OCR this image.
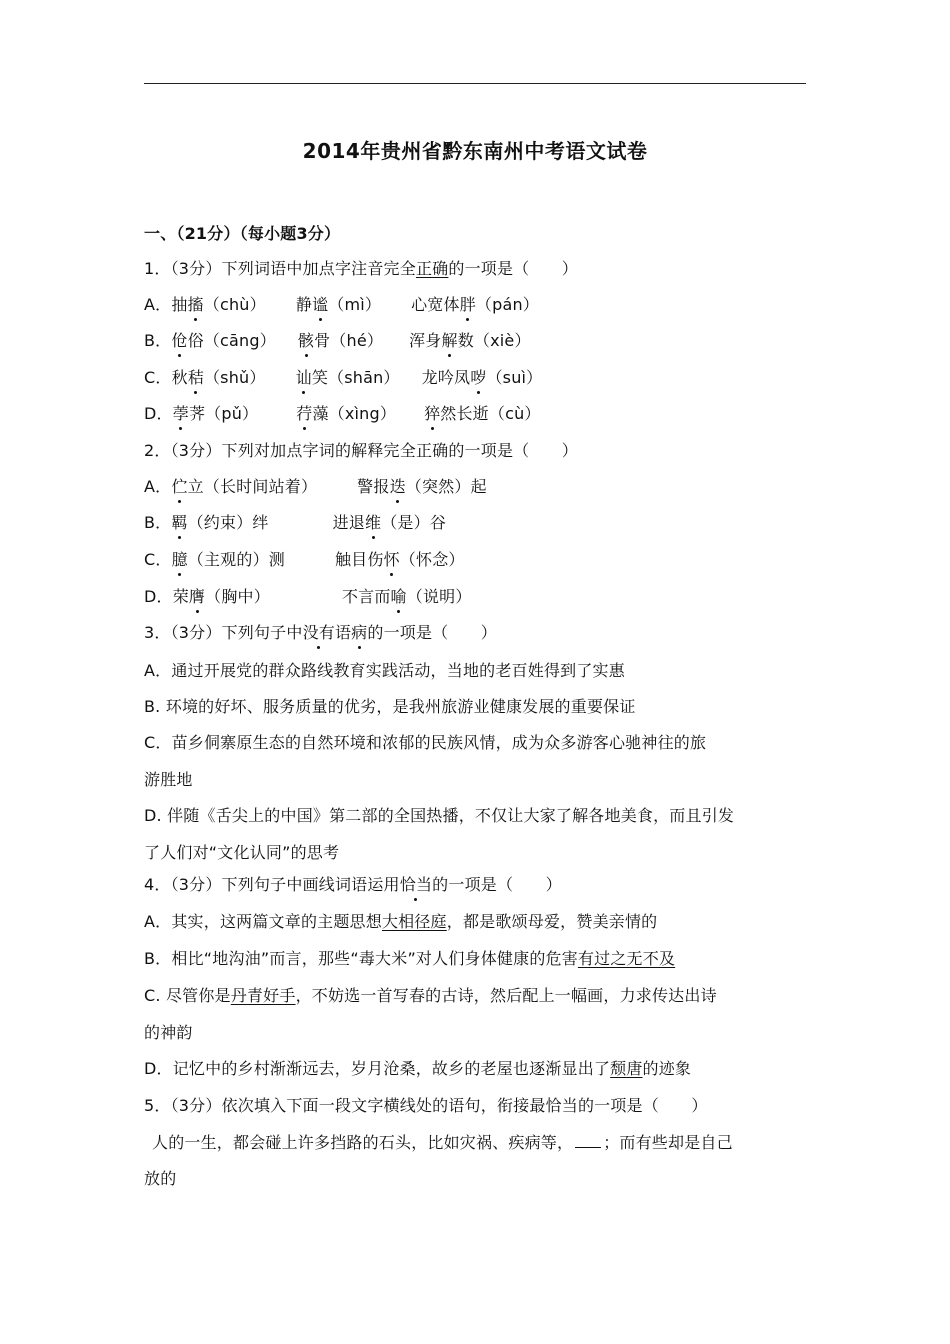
2014年贵州省黔东南州中考语文试卷
一、（21分）（每小题3分）
1．（3分）下列词语中加点字注音完全正确的一项是（　　）
A．抽搐（chù） 静谧（mì） 心宽体胖（pán）
B．伧俗（cāng） 骸骨（hé） 浑身解数（xiè）
C．秋秸（shǔ） 讪笑（shān） 龙吟凤哕（suì）
D．荸荠（pǔ） 荇藻（xìng） 猝然长逝（cù）
2．（3分）下列对加点字词的解释完全正确的一项是（　　）
A．伫立（长时间站着）	警报迭（突然）起
B．羁（约束）绊	进退维（是）谷
C．臆（主观的）测	触目伤怀（怀念）
D．荣膺（胸中）	不言而喻（说明）
3．（3分）下列句子中没有语病的一项是（　　）
A．通过开展党的群众路线教育实践活动，当地的老百姓得到了实惠
B. 环境的好坏、服务质量的优劣，是我州旅游业健康发展的重要保证
C．苗乡侗寨原生态的自然环境和浓郁的民族风情，成为众多游客心驰神往的旅
游胜地
D. 伴随《舌尖上的中国》第二部的全国热播，不仅让大家了解各地美食，而且引发
了人们对“文化认同”的思考
4．（3分）下列句子中画线词语运用恰当的一项是（　　）
A．其实，这两篇文章的主题思想大相径庭，都是歌颂母爱，赞美亲情的
B．相比“地沟油”而言，那些“毒大米”对人们身体健康的危害有过之无不及
C. 尽管你是丹青好手，不妨选一首写春的古诗，然后配上一幅画，力求传达出诗
的神韵
D．记忆中的乡村渐渐远去，岁月沧桑，故乡的老屋也逐渐显出了颓唐的迹象
5．（3分）依次填入下面一段文字横线处的语句，衔接最恰当的一项是（　　）
人的一生，都会碰上许多挡路的石头，比如灾祸、疾病等， ；而有些却是自己
放的
